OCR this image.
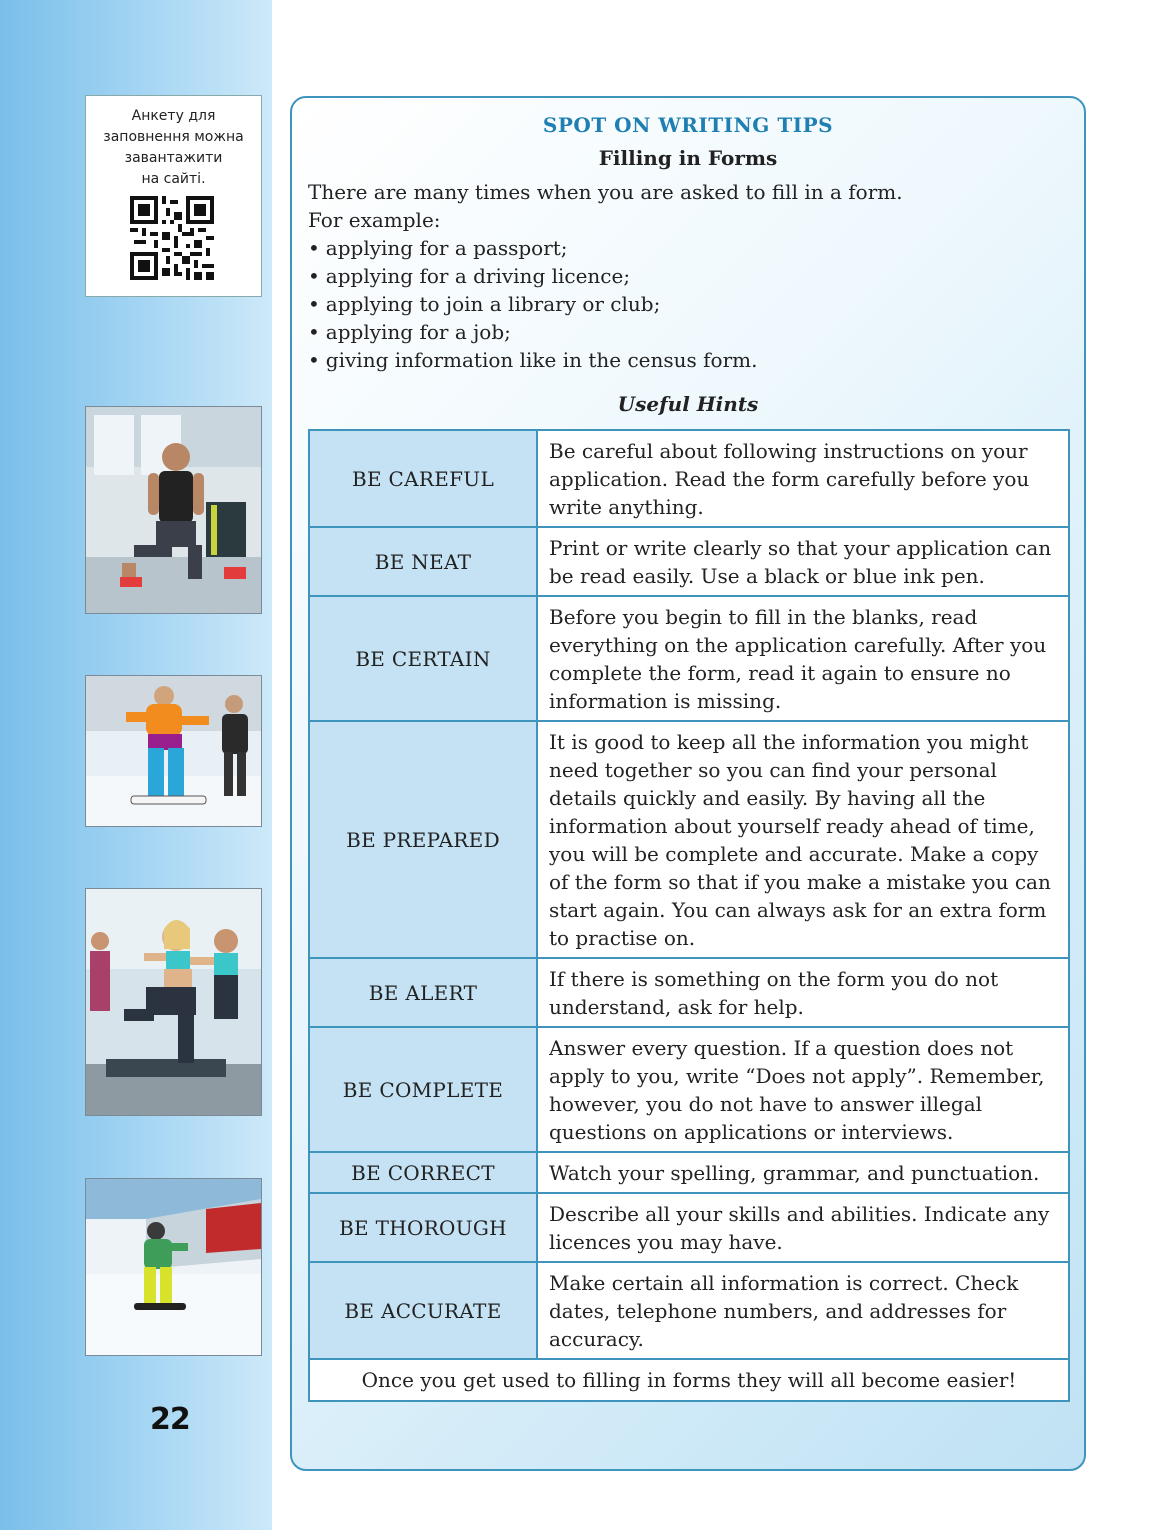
Анкету для
заповнення можна
завантажити
на сайті.
22
SPOT ON WRITING TIPS
Filling in Forms

There are many times when you are asked to fill in a form.

For example:

• applying for a passport;
• applying for a driving licence;
• applying to join a library or club;
• applying for a job;
• giving information like in the census form.
Useful Hints
BE CAREFUL	Be careful about following instructions on your application. Read the form carefully before you write anything.
BE NEAT	Print or write clearly so that your application can be read easily. Use a black or blue ink pen.
BE CERTAIN	Before you begin to fill in the blanks, read everything on the application carefully. After you complete the form, read it again to ensure no information is missing.
BE PREPARED	It is good to keep all the information you might need together so you can find your personal details quickly and easily. By having all the information about yourself ready ahead of time, you will be complete and accurate. Make a copy of the form so that if you make a mistake you can start again. You can always ask for an extra form to practise on.
BE ALERT	If there is something on the form you do not understand, ask for help.
BE COMPLETE	Answer every question. If a question does not apply to you, write “Does not apply”. Remember, however, you do not have to answer illegal questions on applications or interviews.
BE CORRECT	Watch your spelling, grammar, and punctuation.
BE THOROUGH	Describe all your skills and abilities. Indicate any licences you may have.
BE ACCURATE	Make certain all information is correct. Check dates, telephone numbers, and addresses for accuracy.
Once you get used to filling in forms they will all become easier!	
